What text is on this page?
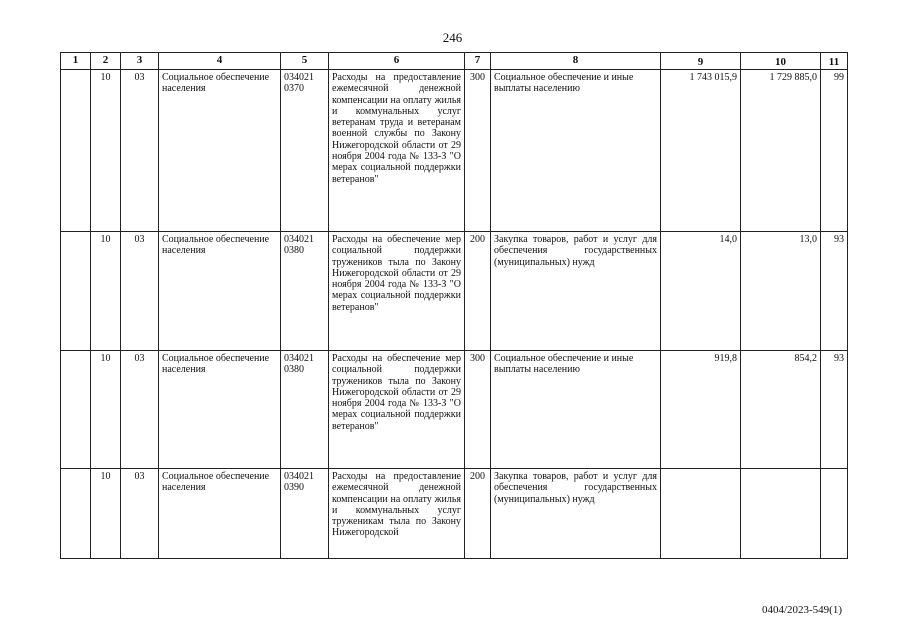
246
1	2	3	4	5	6	7	8	9	10	11
	10	03	Социальное обеспечение населения	034021 0370	Расходы на предоставление ежемесячной денежной компенсации на оплату жилья и коммунальных услуг ветеранам труда и ветеранам военной службы по Закону Нижегородской области от 29 ноября 2004 года № 133-З "О мерах социальной поддержки ветеранов"	300	Социальное обеспечение и иные выплаты населению	1 743 015,9	1 729 885,0	99
	10	03	Социальное обеспечение населения	034021 0380	Расходы на обеспечение мер социальной поддержки тружеников тыла по Закону Нижегородской области от 29 ноября 2004 года № 133-З "О мерах социальной поддержки ветеранов"	200	Закупка товаров, работ и услуг для обеспечения государственных (муниципальных) нужд	14,0	13,0	93
	10	03	Социальное обеспечение населения	034021 0380	Расходы на обеспечение мер социальной поддержки тружеников тыла по Закону Нижегородской области от 29 ноября 2004 года № 133-З "О мерах социальной поддержки ветеранов"	300	Социальное обеспечение и иные выплаты населению	919,8	854,2	93
	10	03	Социальное обеспечение населения	034021 0390	Расходы на предоставление ежемесячной денежной компенсации на оплату жилья и коммунальных услуг труженикам тыла по Закону Нижегородской	200	Закупка товаров, работ и услуг для обеспечения государственных (муниципальных) нужд			
0404/2023-549(1)
